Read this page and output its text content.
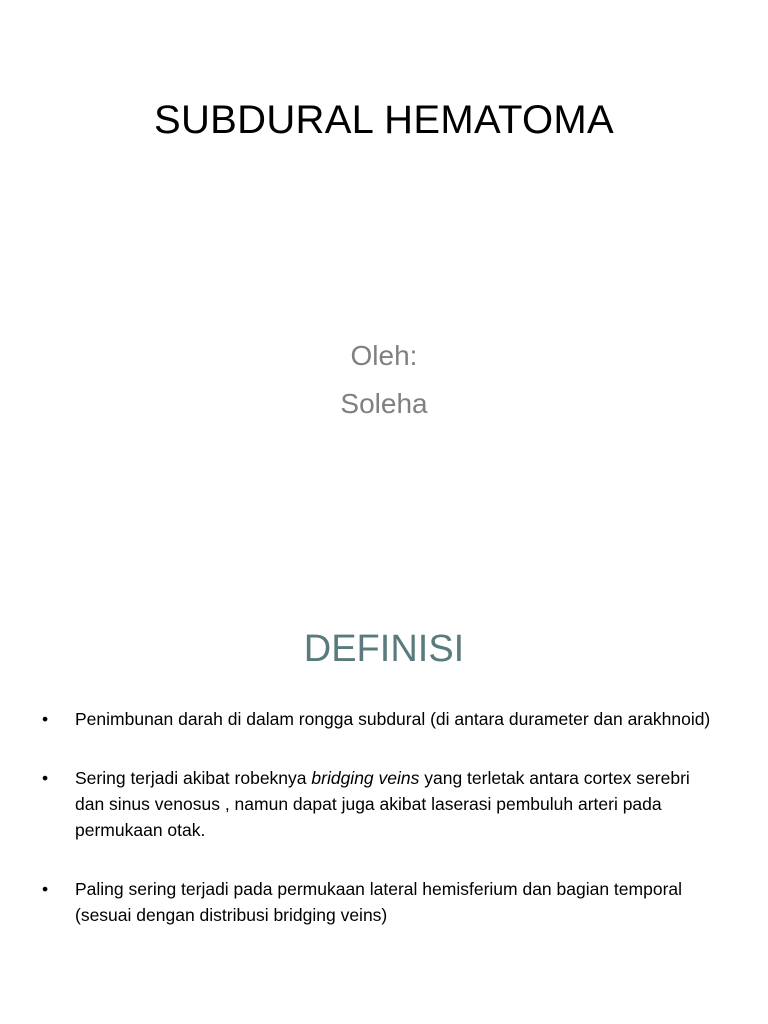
SUBDURAL HEMATOMA
Oleh:
Soleha
DEFINISI
• Penimbunan darah di dalam rongga subdural (di antara durameter dan arakhnoid)
• Sering terjadi akibat robeknya bridging veins yang terletak antara cortex serebri dan sinus venosus , namun dapat juga akibat laserasi pembuluh arteri pada permukaan otak.
• Paling sering terjadi pada permukaan lateral hemisferium dan bagian temporal (sesuai dengan distribusi bridging veins)
